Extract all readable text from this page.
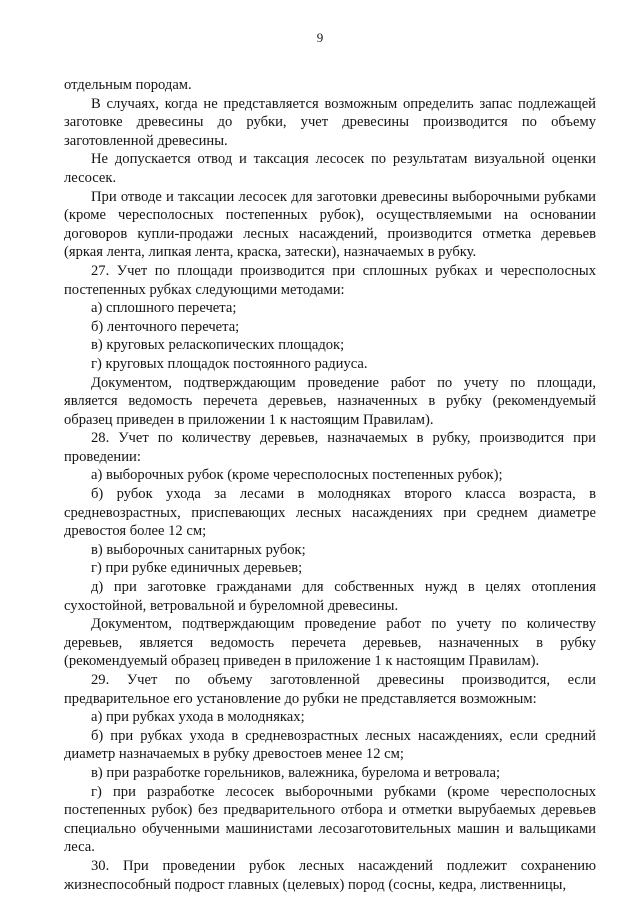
9

отдельным породам.

В случаях, когда не представляется возможным определить запас подлежащей заготовке древесины до рубки, учет древесины производится по объему заготовленной древесины.

Не допускается отвод и таксация лесосек по результатам визуальной оценки лесосек.

При отводе и таксации лесосек для заготовки древесины выборочными рубками (кроме чересполосных постепенных рубок), осуществляемыми на основании договоров купли-продажи лесных насаждений, производится отметка деревьев (яркая лента, липкая лента, краска, затески), назначаемых в рубку.

27. Учет по площади производится при сплошных рубках и чересполосных постепенных рубках следующими методами:

а) сплошного перечета;

б) ленточного перечета;

в) круговых реласкопических площадок;

г) круговых площадок постоянного радиуса.

Документом, подтверждающим проведение работ по учету по площади, является ведомость перечета деревьев, назначенных в рубку (рекомендуемый образец приведен в приложении 1 к настоящим Правилам).

28. Учет по количеству деревьев, назначаемых в рубку, производится при проведении:

а) выборочных рубок (кроме чересполосных постепенных рубок);

б) рубок ухода за лесами в молодняках второго класса возраста, в средневозрастных, приспевающих лесных насаждениях при среднем диаметре древостоя более 12 см;

в) выборочных санитарных рубок;

г) при рубке единичных деревьев;

д) при заготовке гражданами для собственных нужд в целях отопления сухостойной, ветровальной и буреломной древесины.

Документом, подтверждающим проведение работ по учету по количеству деревьев, является ведомость перечета деревьев, назначенных в рубку (рекомендуемый образец приведен в приложение 1 к настоящим Правилам).

29. Учет по объему заготовленной древесины производится, если предварительное его установление до рубки не представляется возможным:

а) при рубках ухода в молодняках;

б) при рубках ухода в средневозрастных лесных насаждениях, если средний диаметр назначаемых в рубку древостоев менее 12 см;

в) при разработке горельников, валежника, бурелома и ветровала;

г) при разработке лесосек выборочными рубками (кроме чересполосных постепенных рубок) без предварительного отбора и отметки вырубаемых деревьев специально обученными машинистами лесозаготовительных машин и вальщиками леса.

30. При проведении рубок лесных насаждений подлежит сохранению жизнеспособный подрост главных (целевых) пород (сосны, кедра, лиственницы,
